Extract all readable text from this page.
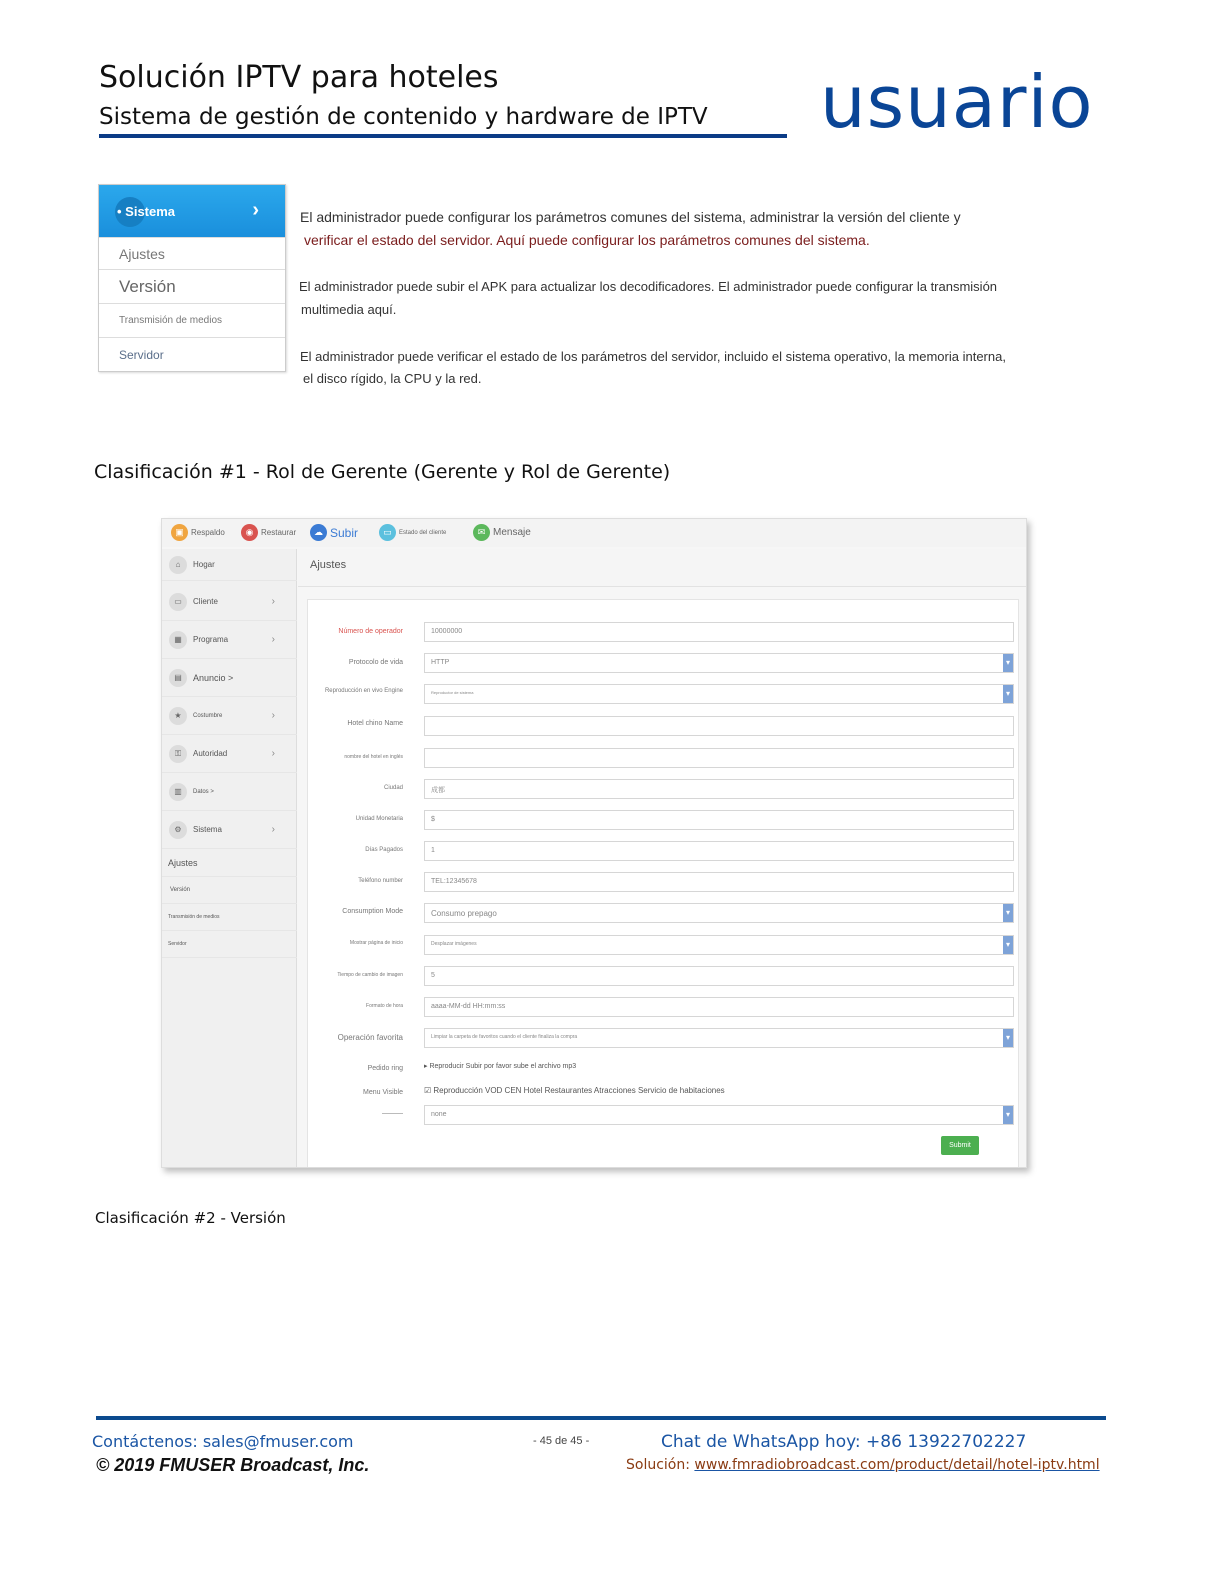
Solución IPTV para hoteles
Sistema de gestión de contenido y hardware de IPTV usuario
• Sistema	›
Ajustes
Versión
Transmisión de medios
Servidor
El administrador puede configurar los parámetros comunes del sistema, administrar la versión del cliente y
verificar el estado del servidor. Aquí puede configurar los parámetros comunes del sistema.
El administrador puede subir el APK para actualizar los decodificadores. El administrador puede configurar la transmisión
multimedia aquí.
El administrador puede verificar el estado de los parámetros del servidor, incluido el sistema operativo, la memoria interna,
el disco rígido, la CPU y la red.
Clasificación #1 - Rol de Gerente (Gerente y Rol de Gerente)
▣ Respaldo	◉ Restaurar	☁ Subir	▭	Estado del cliente	✉ Mensaje
⌂	Hogar
▭	Cliente	›
▦	Programa	›
▤	Anuncio >
★	Costumbre	›
⚿	Autoridad	›
▥	Datos >
⚙	Sistema	›
Ajustes
Versión
Transmisión de medios
Servidor
Ajustes
Número de operador	10000000
Protocolo de vida	HTTP ▾
Reproducción en vivo Engine	Reproductor de sistema ▾
Hotel chino Name
nombre del hotel en inglés
Ciudad	成都
Unidad Monetaria	$
Días Pagados	1
Teléfono number	TEL:12345678
Consumption Mode	Consumo prepago ▾
Mostrar página de inicio	Desplazar imágenes ▾
Tiempo de cambio de imagen	5
Formato de hora	aaaa-MM-dd HH:mm:ss
Operación favorita	Limpiar la carpeta de favoritos cuando el cliente finaliza la compra ▾
Pedido ring	▸ Reproducir Subir por favor sube el archivo mp3
Menu Visible	☑ Reproducción VOD CEN Hotel Restaurantes Atracciones Servicio de habitaciones
———	none ▾
Submit
Clasificación #2 - Versión
Contáctenos: sales@fmuser.com	- 45 de 45 -	Chat de WhatsApp hoy: +86 13922702227
© 2019 FMUSER Broadcast, Inc.	Solución: www.fmradiobroadcast.com/product/detail/hotel-iptv.html
